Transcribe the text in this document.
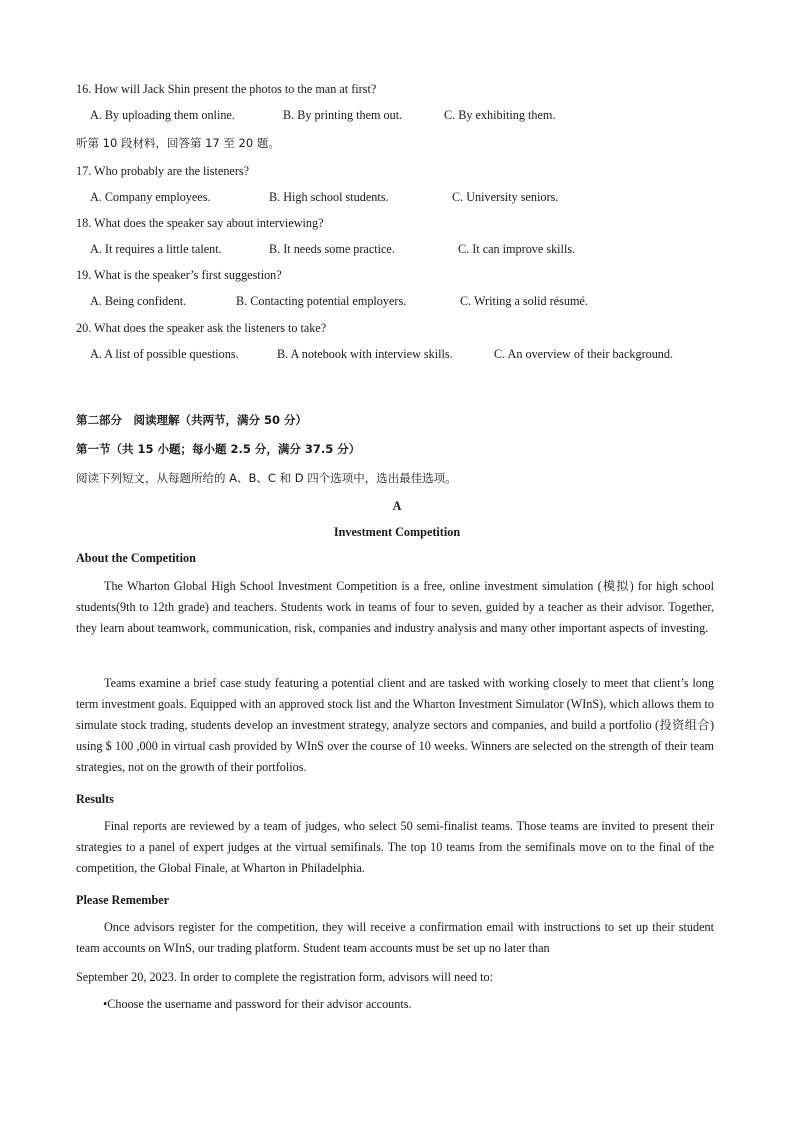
16. How will Jack Shin present the photos to the man at first?
A. By uploading them online.	B. By printing them out.	C. By exhibiting them.
听第 10 段材料，回答第 17 至 20 题。
17. Who probably are the listeners?
A. Company employees.	B. High school students.	C. University seniors.
18. What does the speaker say about interviewing?
A. It requires a little talent.	B. It needs some practice.	C. It can improve skills.
19. What is the speaker’s first suggestion?
A. Being confident.	B. Contacting potential employers.	C. Writing a solid résumé.
20. What does the speaker ask the listeners to take?
A. A list of possible questions.	B. A notebook with interview skills.	C. An overview of their background.
第二部分　阅读理解（共两节，满分 50 分）
第一节（共 15 小题；每小题 2.5 分，满分 37.5 分）
阅读下列短文，从每题所给的 A、B、C 和 D 四个选项中，选出最佳选项。
A
Investment Competition
About the Competition
The Wharton Global High School Investment Competition is a free, online investment simulation (模拟) for high school students(9th to 12th grade) and teachers. Students work in teams of four to seven, guided by a teacher as their advisor. Together, they learn about teamwork, communication, risk, companies and industry analysis and many other important aspects of investing.
Teams examine a brief case study featuring a potential client and are tasked with working closely to meet that client’s long term investment goals. Equipped with an approved stock list and the Wharton Investment Simulator (WInS), which allows them to simulate stock trading, students develop an investment strategy, analyze sectors and companies, and build a portfolio (投资组合) using $ 100 ,000 in virtual cash provided by WInS over the course of 10 weeks. Winners are selected on the strength of their team strategies, not on the growth of their portfolios.
Results
Final reports are reviewed by a team of judges, who select 50 semi-finalist teams. Those teams are invited to present their strategies to a panel of expert judges at the virtual semifinals. The top 10 teams from the semifinals move on to the final of the competition, the Global Finale, at Wharton in Philadelphia.
Please Remember
Once advisors register for the competition, they will receive a confirmation email with instructions to set up their student team accounts on WInS, our trading platform. Student team accounts must be set up no later than
September 20, 2023. In order to complete the registration form, advisors will need to:
•Choose the username and password for their advisor accounts.
